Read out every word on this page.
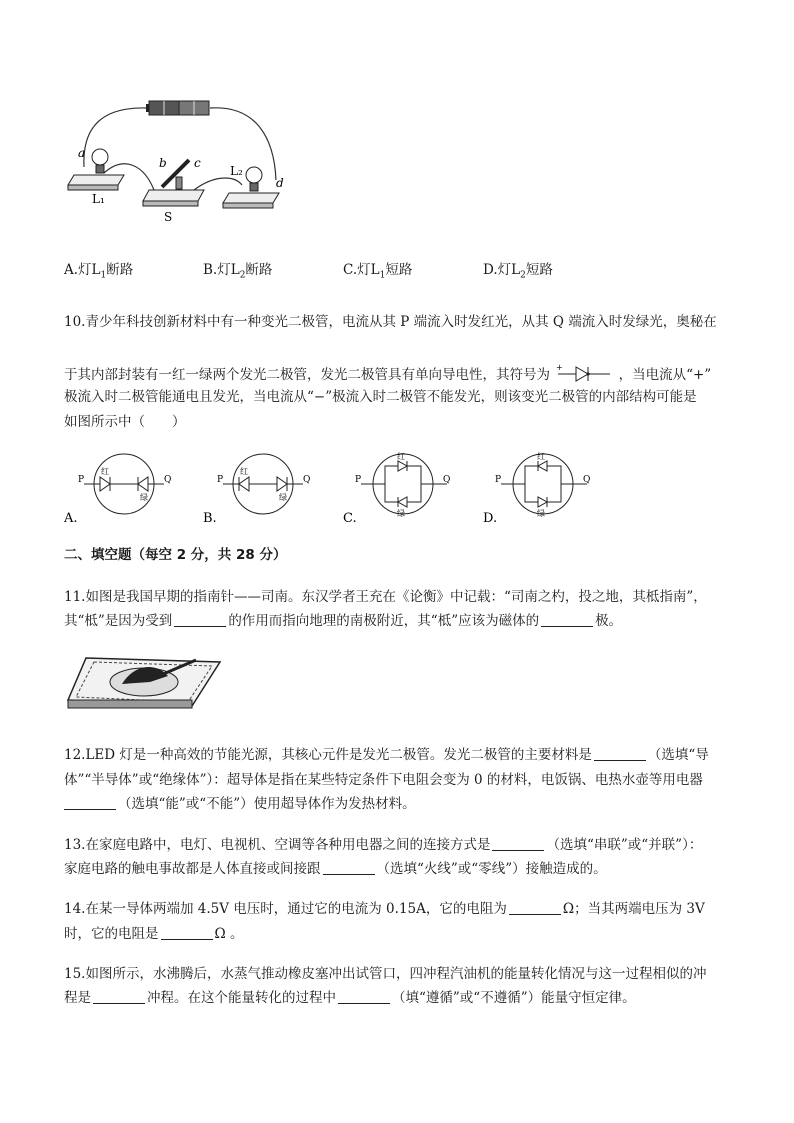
a
b c
d
L₁
L₂
S
A.灯$L_1$断路	B.灯$L_2$断路	C.灯$L_1$短路	D.灯$L_2$短路
10.青少年科技创新材料中有一种变光二极管，电流从其 P 端流入时发红光，从其 Q 端流入时发绿光，奥秘在
于其内部封装有一红一绿两个发光二极管，发光二极管具有单向导电性，其符号为 +	，当电流从“+”
极流入时二极管能通电且发光，当电流从“−”极流入时二极管不能发光，则该变光二极管的内部结构可能是
如图所示中（　　）
P	Q
红
绿
A.
P	Q
红
绿
B.
P	Q
红
绿
C.
P	Q
红
绿
D.
二、填空题（每空 2 分，共 28 分）
11.如图是我国早期的指南针——司南。东汉学者王充在《论衡》中记载：“司南之杓，投之地，其柢指南”，
其“柢”是因为受到	的作用而指向地理的南极附近，其“柢”应该为磁体的	极。
12.LED 灯是一种高效的节能光源，其核心元件是发光二极管。发光二极管的主要材料是	（选填“导
体”“半导体”或“绝缘体”）：超导体是指在某些特定条件下电阻会变为 0 的材料，电饭锅、电热水壶等用电器
（选填“能”或“不能”）使用超导体作为发热材料。
13.在家庭电路中，电灯、电视机、空调等各种用电器之间的连接方式是	（选填“串联”或“并联”）：
家庭电路的触电事故都是人体直接或间接跟	（选填“火线”或“零线”）接触造成的。
14.在某一导体两端加 4.5V 电压时，通过它的电流为 0.15A，它的电阻为	Ω；当其两端电压为 3V
时，它的电阻是	Ω 。
15.如图所示，水沸腾后，水蒸气推动橡皮塞冲出试管口，四冲程汽油机的能量转化情况与这一过程相似的冲
程是	冲程。在这个能量转化的过程中	（填“遵循”或“不遵循”）能量守恒定律。
